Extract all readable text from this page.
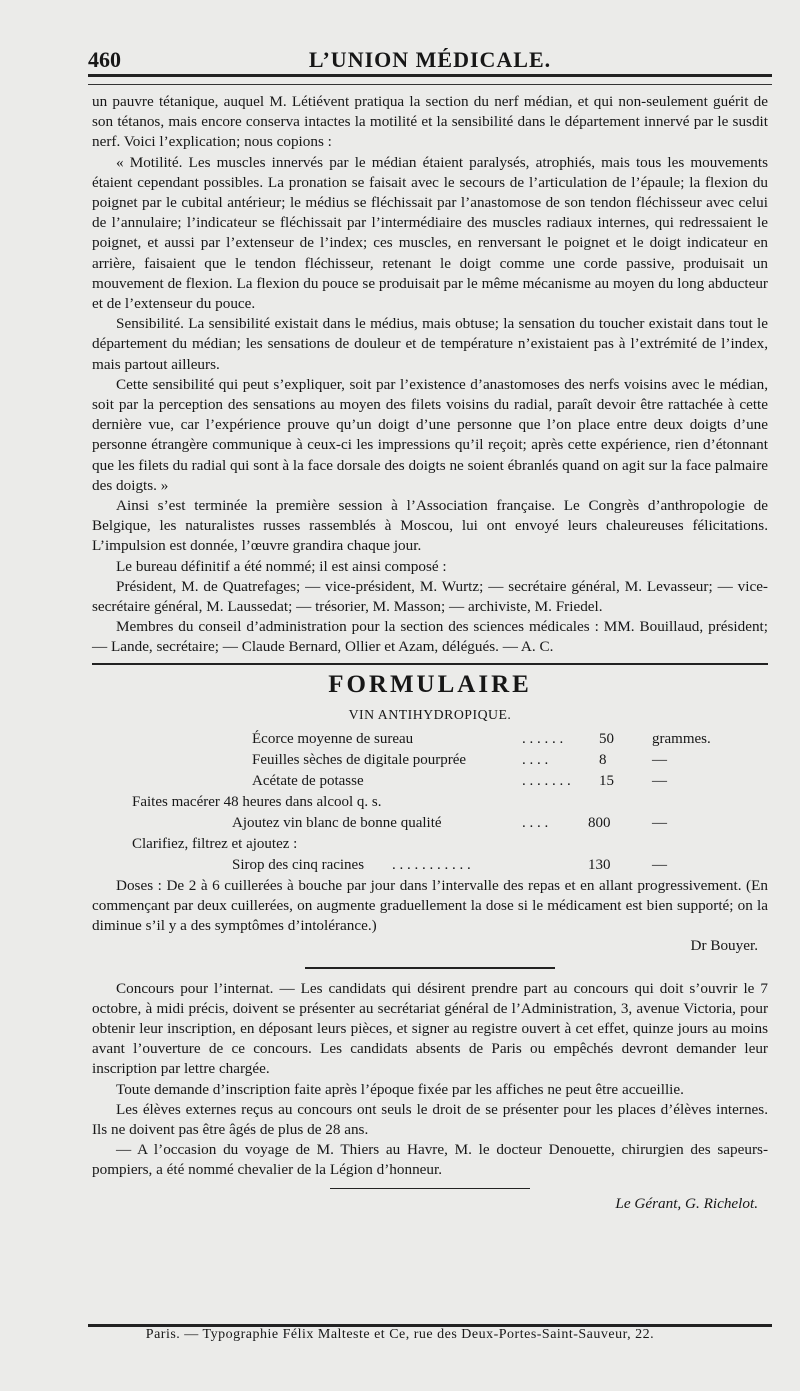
460	L’UNION MÉDICALE.

un pauvre tétanique, auquel M. Létiévent pratiqua la section du nerf médian, et qui non-seulement guérit de son tétanos, mais encore conserva intactes la motilité et la sensibilité dans le département innervé par le susdit nerf. Voici l’explication; nous copions :

« Motilité. Les muscles innervés par le médian étaient paralysés, atrophiés, mais tous les mouvements étaient cependant possibles. La pronation se faisait avec le secours de l’articulation de l’épaule; la flexion du poignet par le cubital antérieur; le médius se fléchissait par l’anastomose de son tendon fléchisseur avec celui de l’annulaire; l’indicateur se fléchissait par l’intermédiaire des muscles radiaux internes, qui redressaient le poignet, et aussi par l’extenseur de l’index; ces muscles, en renversant le poignet et le doigt indicateur en arrière, faisaient que le tendon fléchisseur, retenant le doigt comme une corde passive, produisait un mouvement de flexion. La flexion du pouce se produisait par le même mécanisme au moyen du long abducteur et de l’extenseur du pouce.

Sensibilité. La sensibilité existait dans le médius, mais obtuse; la sensation du toucher existait dans tout le département du médian; les sensations de douleur et de température n’existaient pas à l’extrémité de l’index, mais partout ailleurs.

Cette sensibilité qui peut s’expliquer, soit par l’existence d’anastomoses des nerfs voisins avec le médian, soit par la perception des sensations au moyen des filets voisins du radial, paraît devoir être rattachée à cette dernière vue, car l’expérience prouve qu’un doigt d’une personne que l’on place entre deux doigts d’une personne étrangère communique à ceux-ci les impressions qu’il reçoit; après cette expérience, rien d’étonnant que les filets du radial qui sont à la face dorsale des doigts ne soient ébranlés quand on agit sur la face palmaire des doigts. »

Ainsi s’est terminée la première session à l’Association française. Le Congrès d’anthropologie de Belgique, les naturalistes russes rassemblés à Moscou, lui ont envoyé leurs chaleureuses félicitations. L’impulsion est donnée, l’œuvre grandira chaque jour.

Le bureau définitif a été nommé; il est ainsi composé :

Président, M. de Quatrefages; — vice-président, M. Wurtz; — secrétaire général, M. Levasseur; — vice-secrétaire général, M. Laussedat; — trésorier, M. Masson; — archiviste, M. Friedel.

Membres du conseil d’administration pour la section des sciences médicales : MM. Bouillaud, président; — Lande, secrétaire; — Claude Bernard, Ollier et Azam, délégués. — A. C.

FORMULAIRE
VIN ANTIHYDROPIQUE.
Écorce moyenne de sureau	. . . . . . 50	grammes.
Feuilles sèches de digitale pourprée	. . . .	8	—
Acétate de potasse	. . . . . . . 15	—
Faites macérer 48 heures dans alcool q. s.
Ajoutez vin blanc de bonne qualité	. . . .	800	—
Clarifiez, filtrez et ajoutez :
Sirop des cinq racines . . . . . . . . . . .	130	—

Doses : De 2 à 6 cuillerées à bouche par jour dans l’intervalle des repas et en allant progressivement. (En commençant par deux cuillerées, on augmente graduellement la dose si le médicament est bien supporté; on la diminue s’il y a des symptômes d’intolérance.)

Dr Bouyer.

Concours pour l’internat. — Les candidats qui désirent prendre part au concours qui doit s’ouvrir le 7 octobre, à midi précis, doivent se présenter au secrétariat général de l’Administration, 3, avenue Victoria, pour obtenir leur inscription, en déposant leurs pièces, et signer au registre ouvert à cet effet, quinze jours au moins avant l’ouverture de ce concours. Les candidats absents de Paris ou empêchés devront demander leur inscription par lettre chargée.

Toute demande d’inscription faite après l’époque fixée par les affiches ne peut être accueillie.

Les élèves externes reçus au concours ont seuls le droit de se présenter pour les places d’élèves internes. Ils ne doivent pas être âgés de plus de 28 ans.

— A l’occasion du voyage de M. Thiers au Havre, M. le docteur Denouette, chirurgien des sapeurs-pompiers, a été nommé chevalier de la Légion d’honneur.

Le Gérant, G. Richelot.

Paris. — Typographie Félix Malteste et Ce, rue des Deux-Portes-Saint-Sauveur, 22.
